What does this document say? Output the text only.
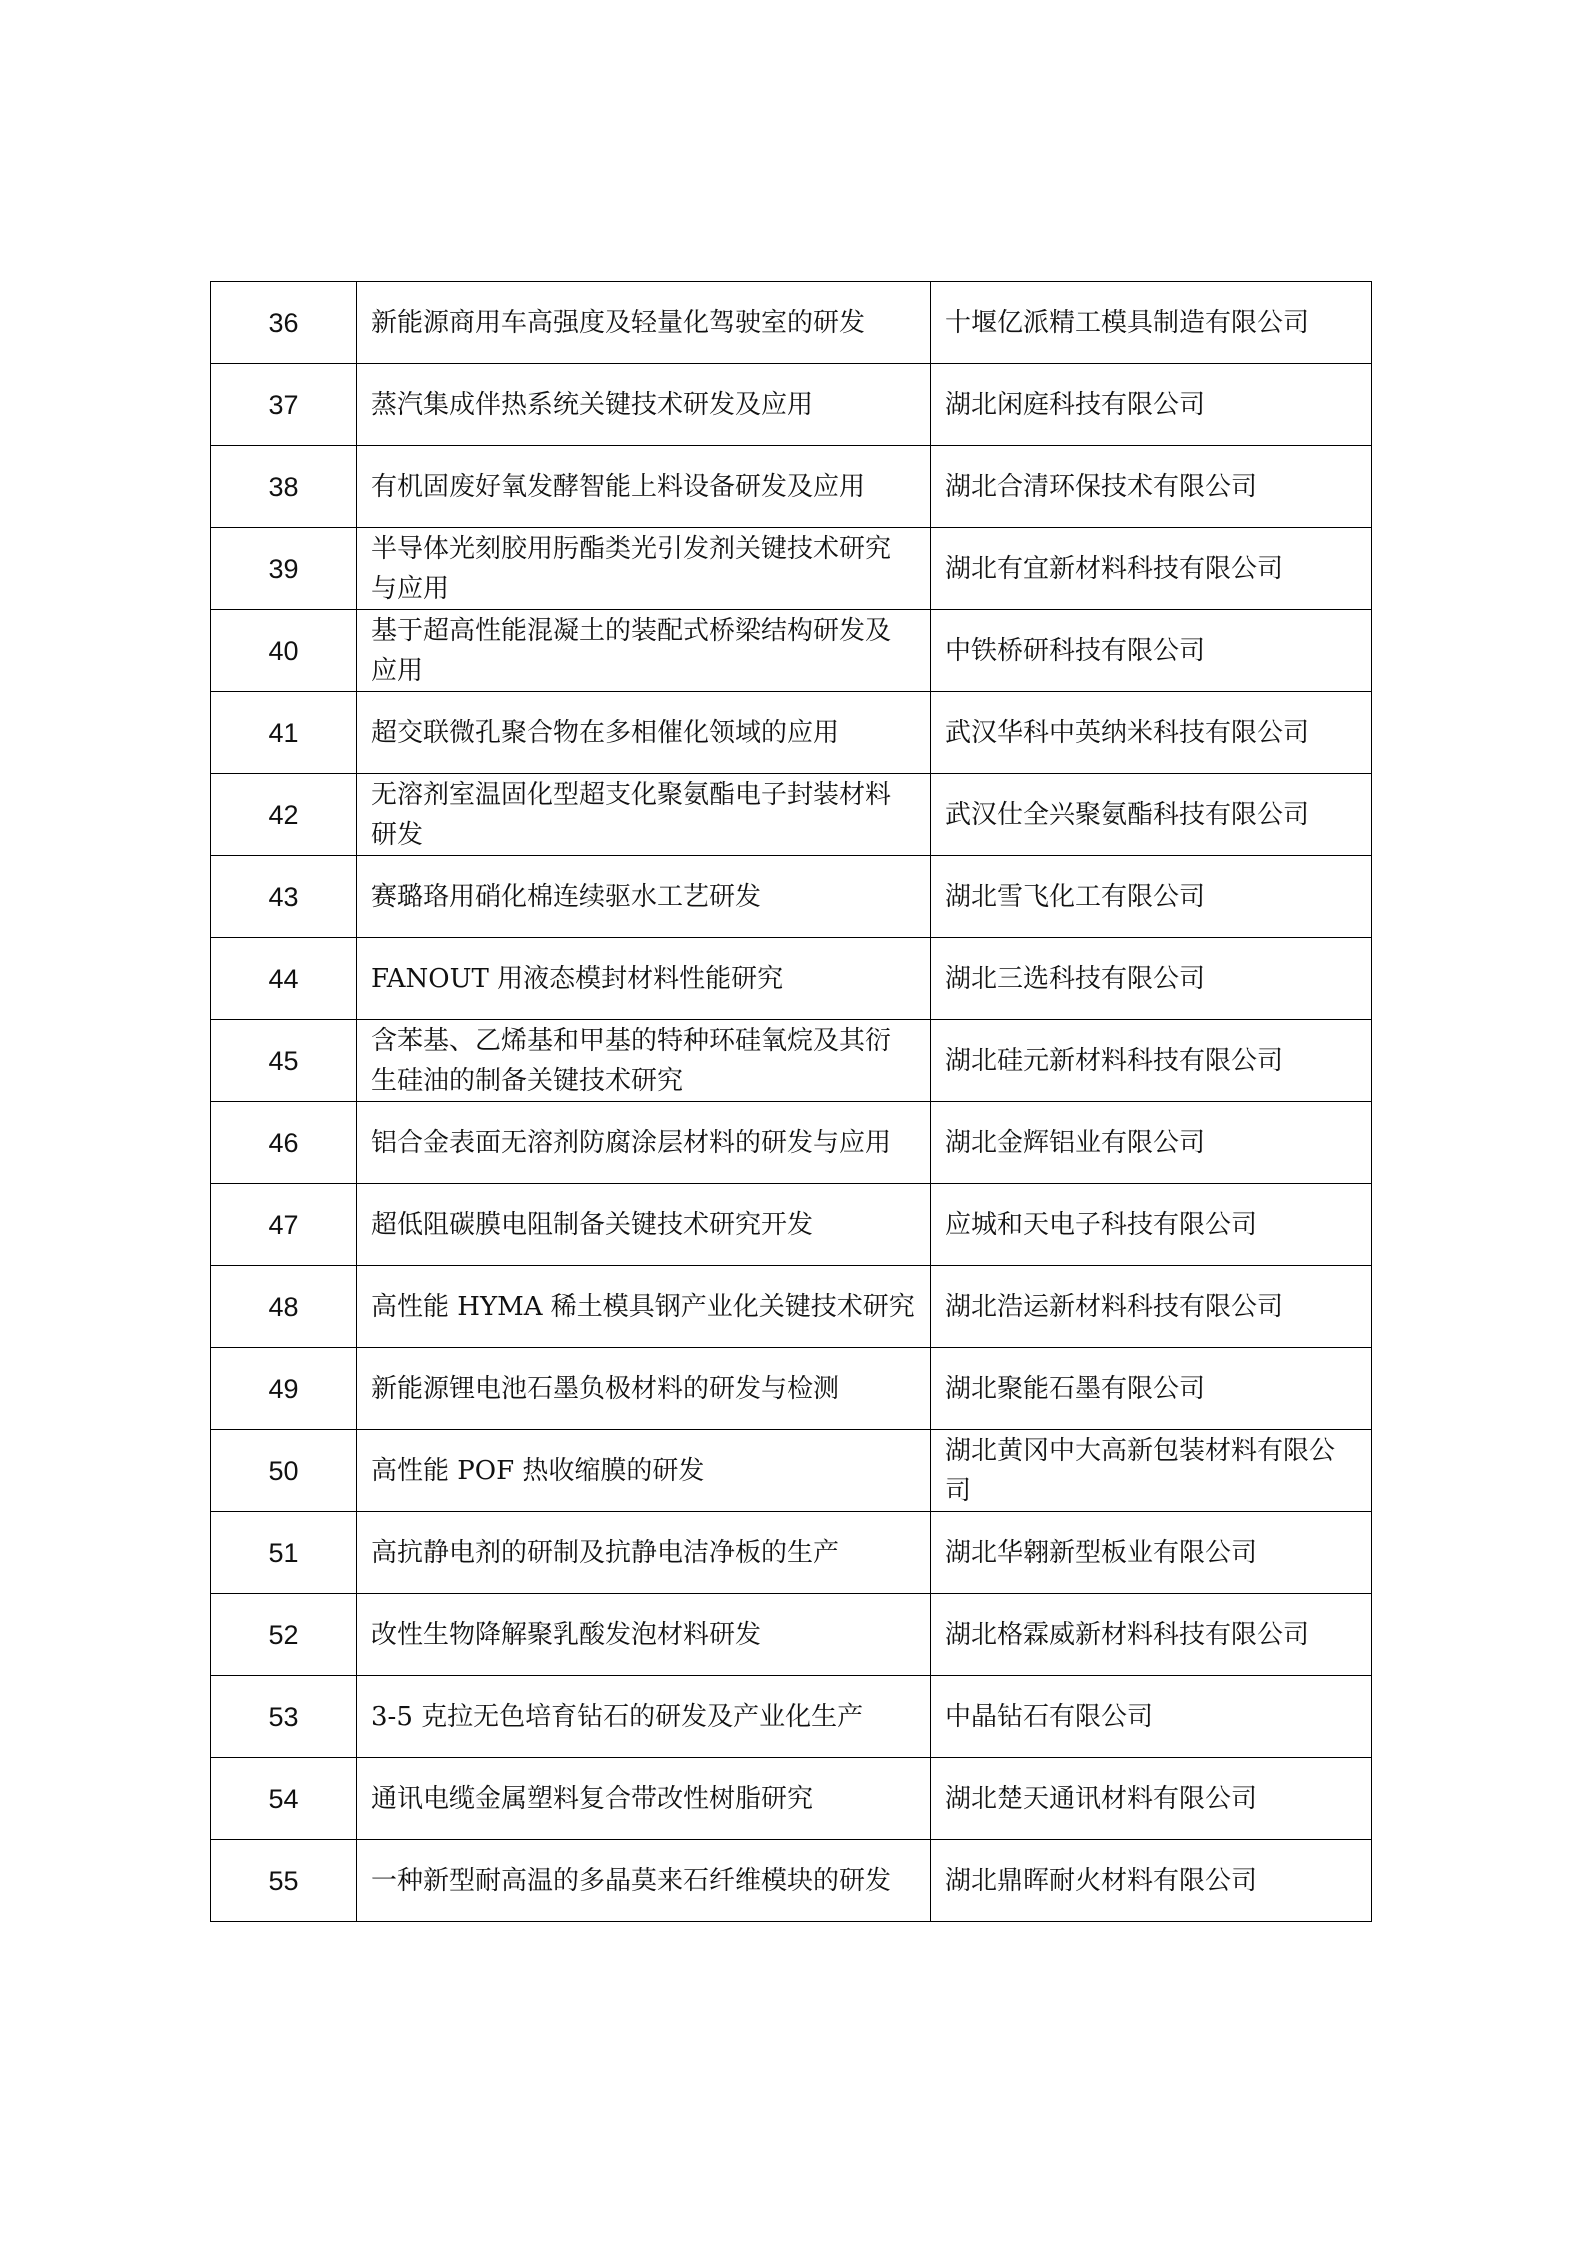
36	新能源商用车高强度及轻量化驾驶室的研发	十堰亿派精工模具制造有限公司
37	蒸汽集成伴热系统关键技术研发及应用	湖北闲庭科技有限公司
38	有机固废好氧发酵智能上料设备研发及应用	湖北合清环保技术有限公司
39	半导体光刻胶用肟酯类光引发剂关键技术研究与应用	湖北有宜新材料科技有限公司
40	基于超高性能混凝土的装配式桥梁结构研发及应用	中铁桥研科技有限公司
41	超交联微孔聚合物在多相催化领域的应用	武汉华科中英纳米科技有限公司
42	无溶剂室温固化型超支化聚氨酯电子封装材料研发	武汉仕全兴聚氨酯科技有限公司
43	赛璐珞用硝化棉连续驱水工艺研发	湖北雪飞化工有限公司
44	FANOUT 用液态模封材料性能研究	湖北三选科技有限公司
45	含苯基、乙烯基和甲基的特种环硅氧烷及其衍生硅油的制备关键技术研究	湖北硅元新材料科技有限公司
46	铝合金表面无溶剂防腐涂层材料的研发与应用	湖北金辉铝业有限公司
47	超低阻碳膜电阻制备关键技术研究开发	应城和天电子科技有限公司
48	高性能 HYMA 稀土模具钢产业化关键技术研究	湖北浩运新材料科技有限公司
49	新能源锂电池石墨负极材料的研发与检测	湖北聚能石墨有限公司
50	高性能 POF 热收缩膜的研发	湖北黄冈中大高新包装材料有限公司
51	高抗静电剂的研制及抗静电洁净板的生产	湖北华翱新型板业有限公司
52	改性生物降解聚乳酸发泡材料研发	湖北格霖威新材料科技有限公司
53	3-5 克拉无色培育钻石的研发及产业化生产	中晶钻石有限公司
54	通讯电缆金属塑料复合带改性树脂研究	湖北楚天通讯材料有限公司
55	一种新型耐高温的多晶莫来石纤维模块的研发	湖北鼎晖耐火材料有限公司
